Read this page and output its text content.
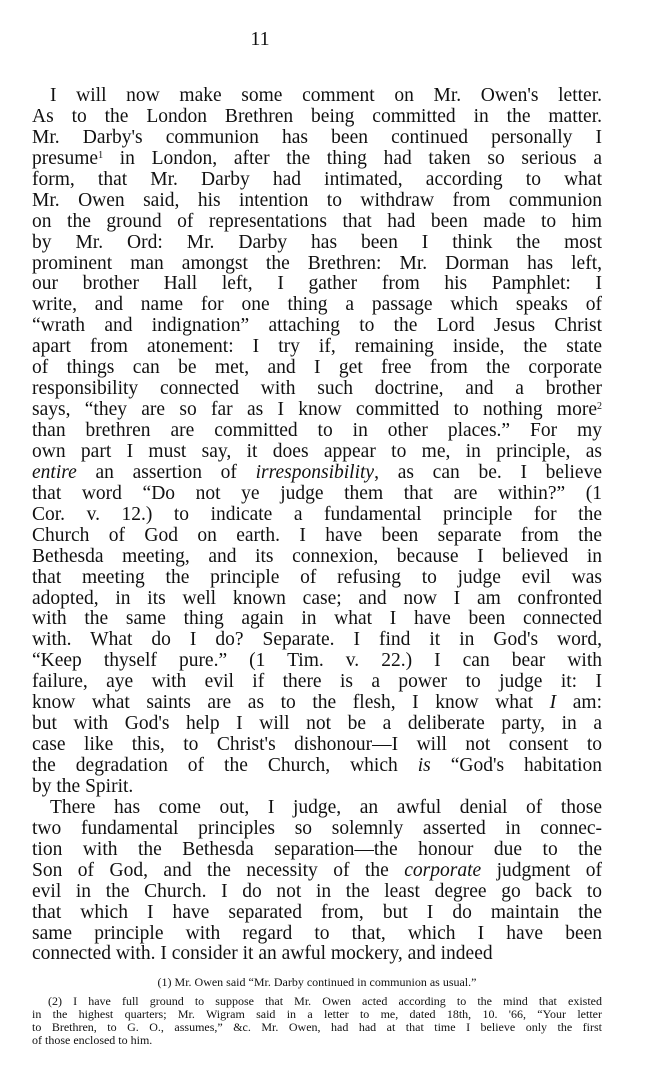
11
I will now make some comment on Mr. Owen's letter.
As to the London Brethren being committed in the matter.
Mr. Darby's communion has been continued personally I
presume$^1$ in London, after the thing had taken so serious a
form, that Mr. Darby had intimated, according to what
Mr. Owen said, his intention to withdraw from communion
on the ground of representations that had been made to him
by Mr. Ord: Mr. Darby has been I think the most
prominent man amongst the Brethren: Mr. Dorman has left,
our brother Hall left, I gather from his Pamphlet: I
write, and name for one thing a passage which speaks of
“wrath and indignation” attaching to the Lord Jesus Christ
apart from atonement: I try if, remaining inside, the state
of things can be met, and I get free from the corporate
responsibility connected with such doctrine, and a brother
says, “they are so far as I know committed to nothing more$^2$
than brethren are committed to in other places.” For my
own part I must say, it does appear to me, in principle, as
entire an assertion of irresponsibility, as can be. I believe
that word “Do not ye judge them that are within?” (1
Cor. v. 12.) to indicate a fundamental principle for the
Church of God on earth. I have been separate from the
Bethesda meeting, and its connexion, because I believed in
that meeting the principle of refusing to judge evil was
adopted, in its well known case; and now I am confronted
with the same thing again in what I have been connected
with. What do I do? Separate. I find it in God's word,
“Keep thyself pure.” (1 Tim. v. 22.) I can bear with
failure, aye with evil if there is a power to judge it: I
know what saints are as to the flesh, I know what I am:
but with God's help I will not be a deliberate party, in a
case like this, to Christ's dishonour—I will not consent to
the degradation of the Church, which is “God's habitation
by the Spirit.
There has come out, I judge, an awful denial of those
two fundamental principles so solemnly asserted in connec-
tion with the Bethesda separation—the honour due to the
Son of God, and the necessity of the corporate judgment of
evil in the Church. I do not in the least degree go back to
that which I have separated from, but I do maintain the
same principle with regard to that, which I have been
connected with. I consider it an awful mockery, and indeed
(1) Mr. Owen said “Mr. Darby continued in communion as usual.”
(2) I have full ground to suppose that Mr. Owen acted according to the mind that existed
in the highest quarters; Mr. Wigram said in a letter to me, dated 18th, 10. '66, “Your letter
to Brethren, to G. O., assumes,” &c. Mr. Owen, had had at that time I believe only the first
of those enclosed to him.
